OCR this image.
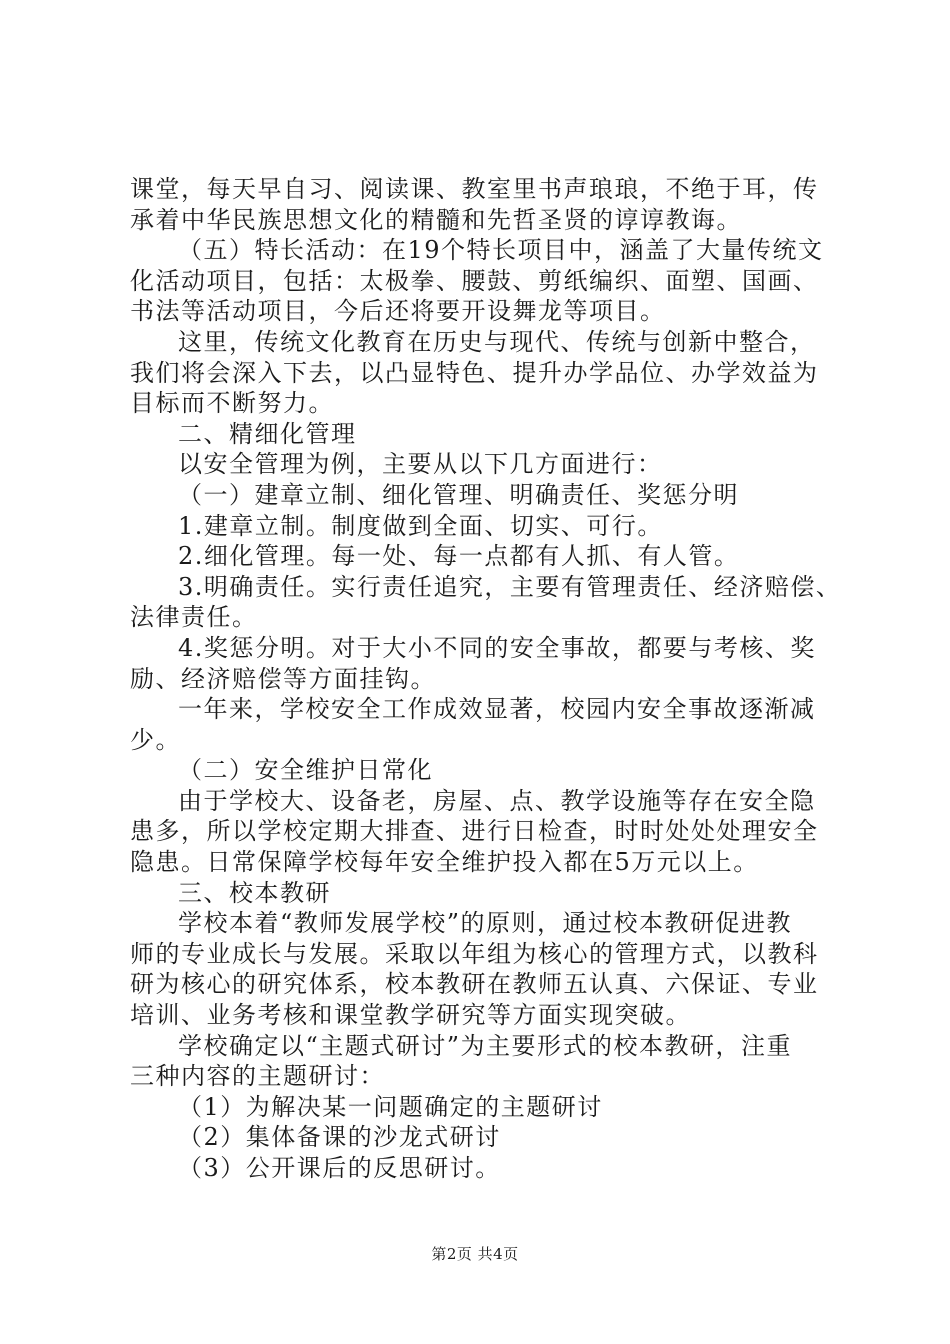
课堂，每天早自习、阅读课、教室里书声琅琅，不绝于耳，传
承着中华民族思想文化的精髓和先哲圣贤的谆谆教诲。
（五）特长活动：在19个特长项目中，涵盖了大量传统文
化活动项目，包括：太极拳、腰鼓、剪纸编织、面塑、国画、
书法等活动项目，今后还将要开设舞龙等项目。
这里，传统文化教育在历史与现代、传统与创新中整合，
我们将会深入下去，以凸显特色、提升办学品位、办学效益为
目标而不断努力。
二、精细化管理
以安全管理为例，主要从以下几方面进行：
（一）建章立制、细化管理、明确责任、奖惩分明
1.建章立制。制度做到全面、切实、可行。
2.细化管理。每一处、每一点都有人抓、有人管。
3.明确责任。实行责任追究，主要有管理责任、经济赔偿、
法律责任。
4.奖惩分明。对于大小不同的安全事故，都要与考核、奖
励、经济赔偿等方面挂钩。
一年来，学校安全工作成效显著，校园内安全事故逐渐减
少。
（二）安全维护日常化
由于学校大、设备老，房屋、点、教学设施等存在安全隐
患多，所以学校定期大排查、进行日检查，时时处处处理安全
隐患。日常保障学校每年安全维护投入都在5万元以上。
三、校本教研
学校本着“教师发展学校”的原则，通过校本教研促进教
师的专业成长与发展。采取以年组为核心的管理方式，以教科
研为核心的研究体系，校本教研在教师五认真、六保证、专业
培训、业务考核和课堂教学研究等方面实现突破。
学校确定以“主题式研讨”为主要形式的校本教研，注重
三种内容的主题研讨：
（1）为解决某一问题确定的主题研讨
（2）集体备课的沙龙式研讨
（3）公开课后的反思研讨。
第2页 共4页
